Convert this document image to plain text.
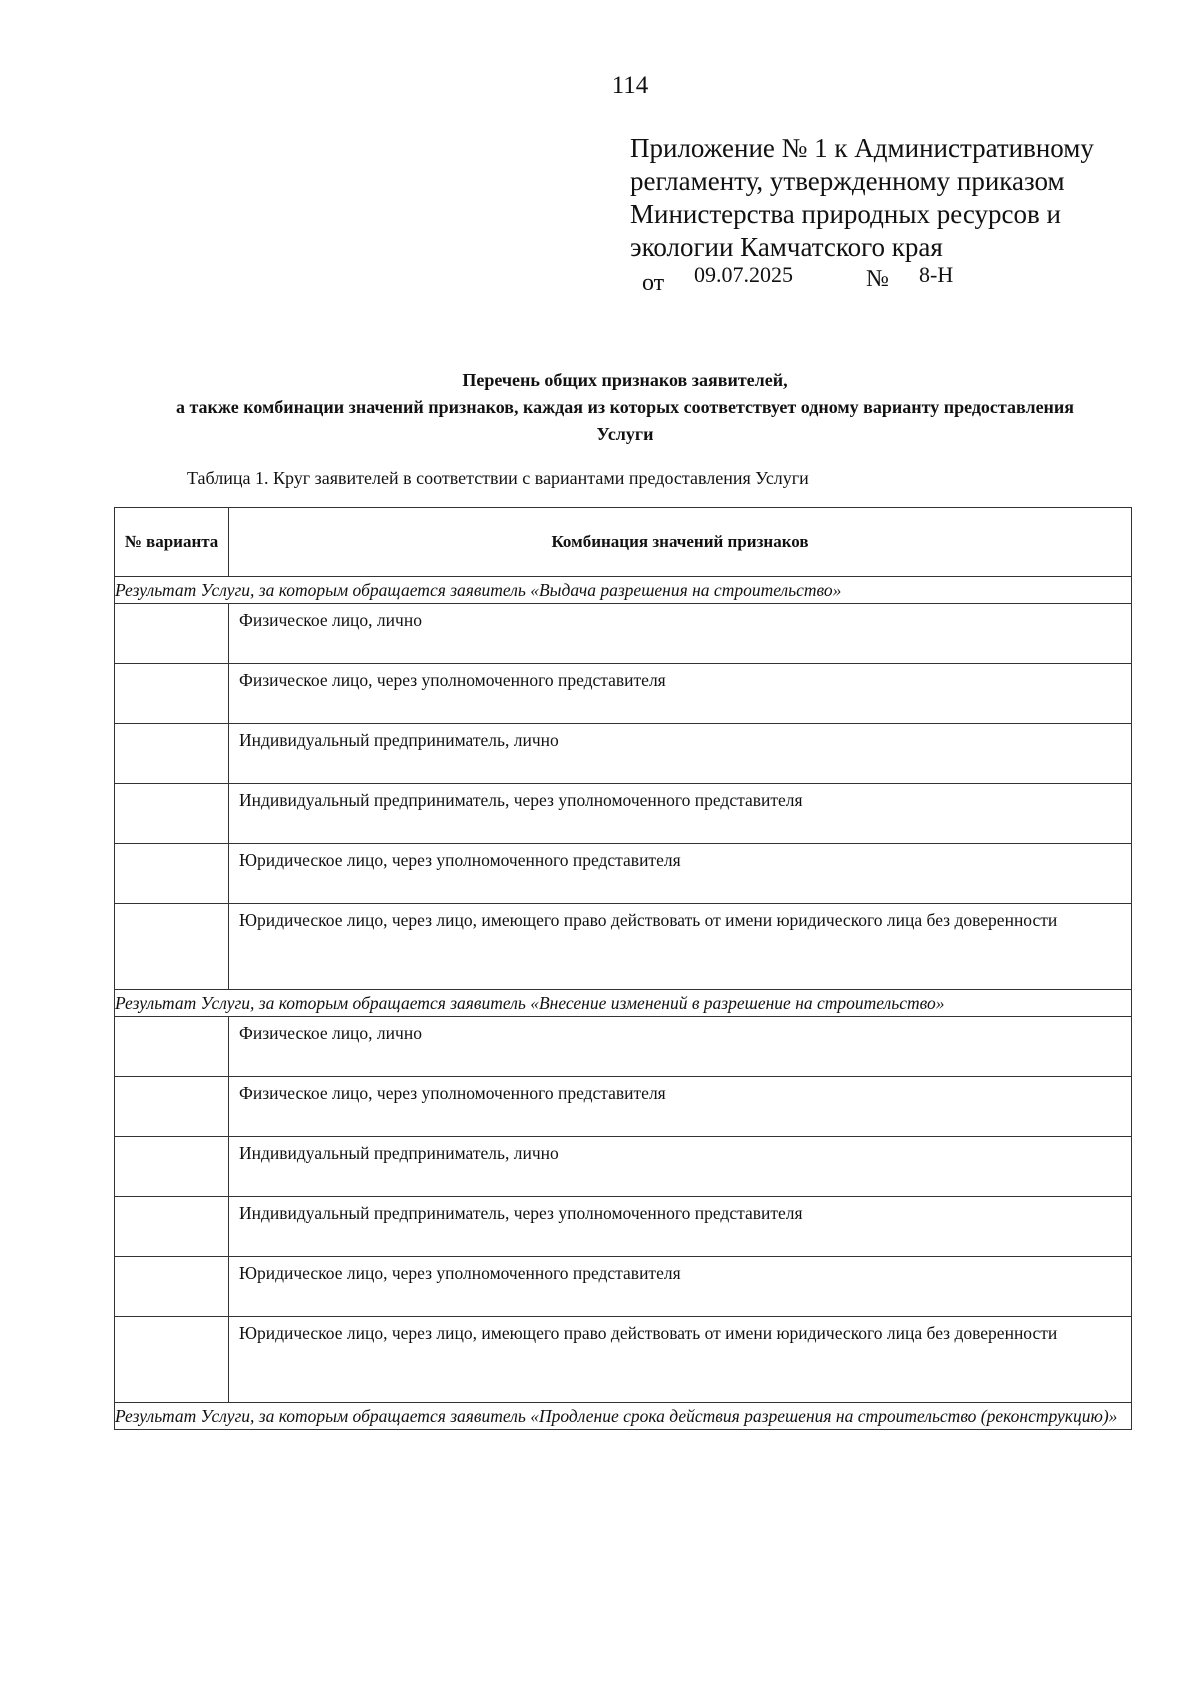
114
Приложение № 1 к Административному
регламенту, утвержденному приказом
Министерства природных ресурсов и
экологии Камчатского края
от 09.07.2025	№ 8-Н
Перечень общих признаков заявителей,
а также комбинации значений признаков, каждая из которых соответствует одному варианту предоставления
Услуги
Таблица 1. Круг заявителей в соответствии с вариантами предоставления Услуги
№ варианта	Комбинация значений признаков
Результат Услуги, за которым обращается заявитель «Выдача разрешения на строительство»	
	Физическое лицо, лично
	Физическое лицо, через уполномоченного представителя
	Индивидуальный предприниматель, лично
	Индивидуальный предприниматель, через уполномоченного представителя
	Юридическое лицо, через уполномоченного представителя
	Юридическое лицо, через лицо, имеющего право действовать от имени юридического лица без доверенности
Результат Услуги, за которым обращается заявитель «Внесение изменений в разрешение на строительство»	
	Физическое лицо, лично
	Физическое лицо, через уполномоченного представителя
	Индивидуальный предприниматель, лично
	Индивидуальный предприниматель, через уполномоченного представителя
	Юридическое лицо, через уполномоченного представителя
	Юридическое лицо, через лицо, имеющего право действовать от имени юридического лица без доверенности
Результат Услуги, за которым обращается заявитель «Продление срока действия разрешения на строительство (реконструкцию)»	
